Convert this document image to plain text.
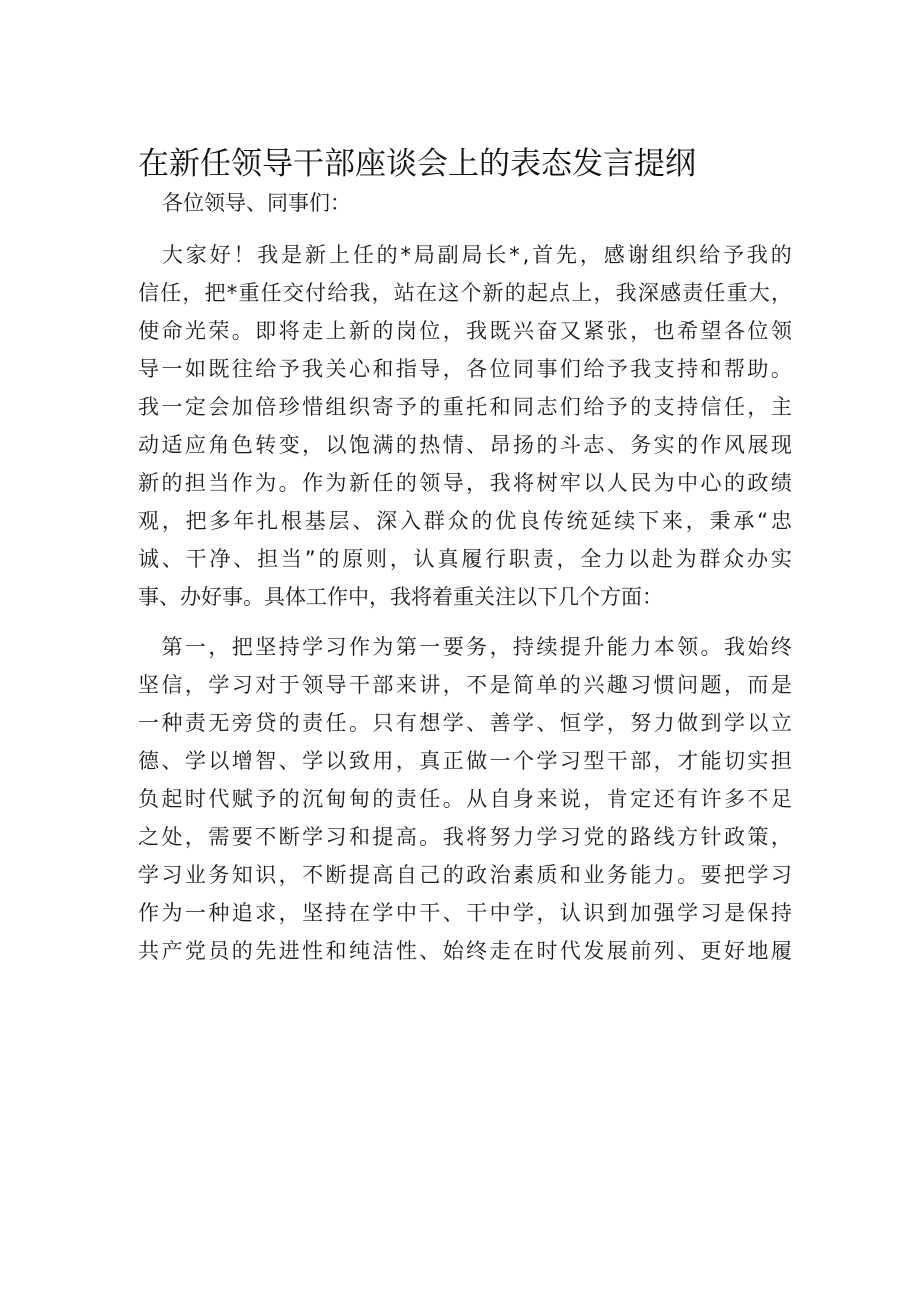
在新任领导干部座谈会上的表态发言提纲
各位领导、同事们：

大 家 好 ！ 我 是 新 上 任 的 * 局 副 局 长 * , 首 先 ， 感 谢 组 织 给 予 我 的
信 任 ， 把 * 重 任 交 付 给 我 ， 站 在 这 个 新 的 起 点 上 ， 我 深 感 责 任 重 大 ，
使 命 光 荣 。 即 将 走 上 新 的 岗 位 ， 我 既 兴 奋 又 紧 张 ， 也 希 望 各 位 领
导 一 如 既 往 给 予 我 关 心 和 指 导 ， 各 位 同 事 们 给 予 我 支 持 和 帮 助 。
我 一 定 会 加 倍 珍 惜 组 织 寄 予 的 重 托 和 同 志 们 给 予 的 支 持 信 任 ， 主
动 适 应 角 色 转 变 ， 以 饱 满 的 热 情 、 昂 扬 的 斗 志 、 务 实 的 作 风 展 现
新 的 担 当 作 为 。 作 为 新 任 的 领 导 ， 我 将 树 牢 以 人 民 为 中 心 的 政 绩
观 ， 把 多 年 扎 根 基 层 、 深 入 群 众 的 优 良 传 统 延 续 下 来 ， 秉 承 “ 忠
诚 、 干 净 、 担 当 ” 的 原 则 ， 认 真 履 行 职 责 ， 全 力 以 赴 为 群 众 办 实
事、办好事。具体工作中，我将着重关注以下几个方面：

第 一 ， 把 坚 持 学 习 作 为 第 一 要 务 ， 持 续 提 升 能 力 本 领 。 我 始 终
坚 信 ， 学 习 对 于 领 导 干 部 来 讲 ， 不 是 简 单 的 兴 趣 习 惯 问 题 ， 而 是
一 种 责 无 旁 贷 的 责 任 。 只 有 想 学 、 善 学 、 恒 学 ， 努 力 做 到 学 以 立
德 、 学 以 增 智 、 学 以 致 用 ， 真 正 做 一 个 学 习 型 干 部 ， 才 能 切 实 担
负 起 时 代 赋 予 的 沉 甸 甸 的 责 任 。 从 自 身 来 说 ， 肯 定 还 有 许 多 不 足
之 处 ， 需 要 不 断 学 习 和 提 高 。 我 将 努 力 学 习 党 的 路 线 方 针 政 策 ，
学 习 业 务 知 识 ， 不 断 提 高 自 己 的 政 治 素 质 和 业 务 能 力 。 要 把 学 习
作 为 一 种 追 求 ， 坚 持 在 学 中 干 、 干 中 学 ， 认 识 到 加 强 学 习 是 保 持
共 产 党 员 的 先 进 性 和 纯 洁 性 、 始 终 走 在 时 代 发 展 前 列 、 更 好 地 履
